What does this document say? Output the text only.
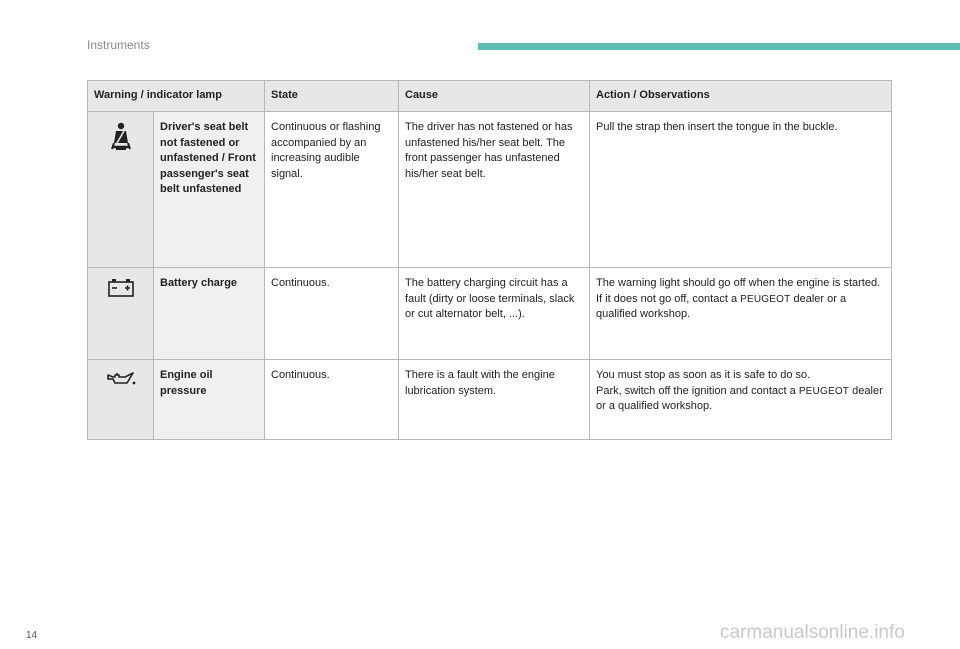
Instruments
Warning / indicator lamp		State	Cause	Action / Observations
	Driver's seat belt not fastened or unfastened / Front passenger's seat belt unfastened	Continuous or flashing accompanied by an increasing audible signal.	The driver has not fastened or has unfastened his/her seat belt. The front passenger has unfastened his/her seat belt.	Pull the strap then insert the tongue in the buckle.
	Battery charge	Continuous.	The battery charging circuit has a fault (dirty or loose terminals, slack or cut alternator belt, ...).	The warning light should go off when the engine is started.
If it does not go off, contact a PEUGEOT dealer or a qualified workshop.
	Engine oil pressure	Continuous.	There is a fault with the engine lubrication system.	You must stop as soon as it is safe to do so.
Park, switch off the ignition and contact a PEUGEOT dealer or a qualified workshop.
14	carmanualsonline.info
